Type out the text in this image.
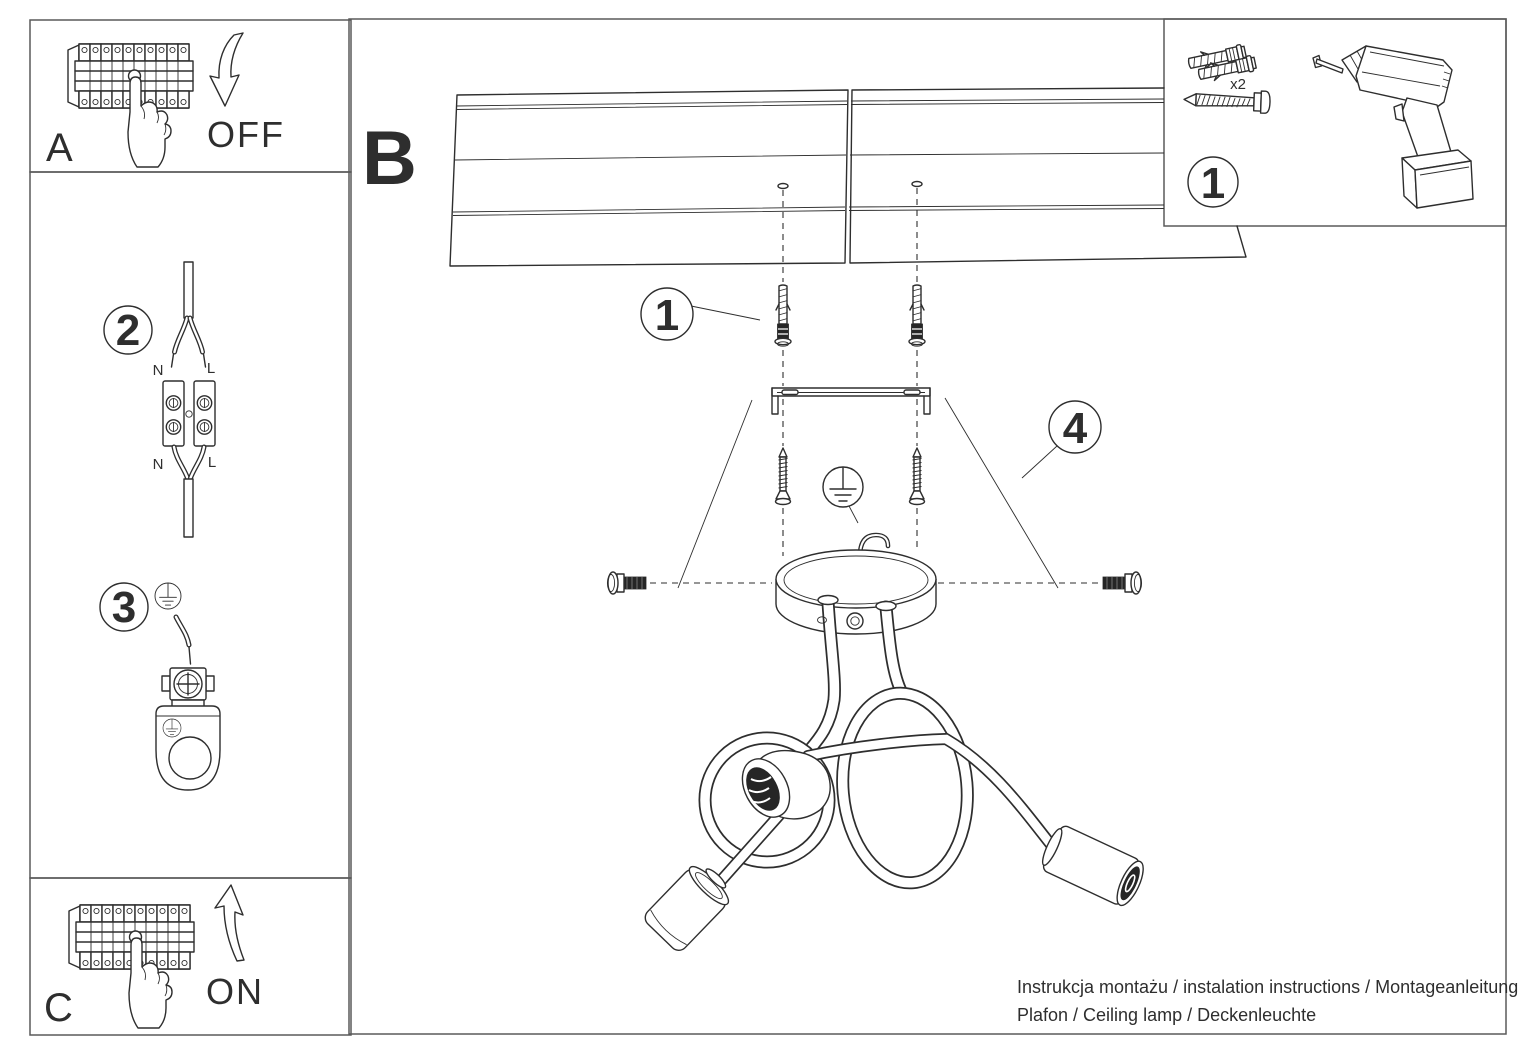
A	OFF
C	ON
2
N	L
N	L
3
B
1
4
x2
1
Instrukcja montażu / instalation instructions / Montageanleitung
Plafon / Ceiling lamp / Deckenleuchte
